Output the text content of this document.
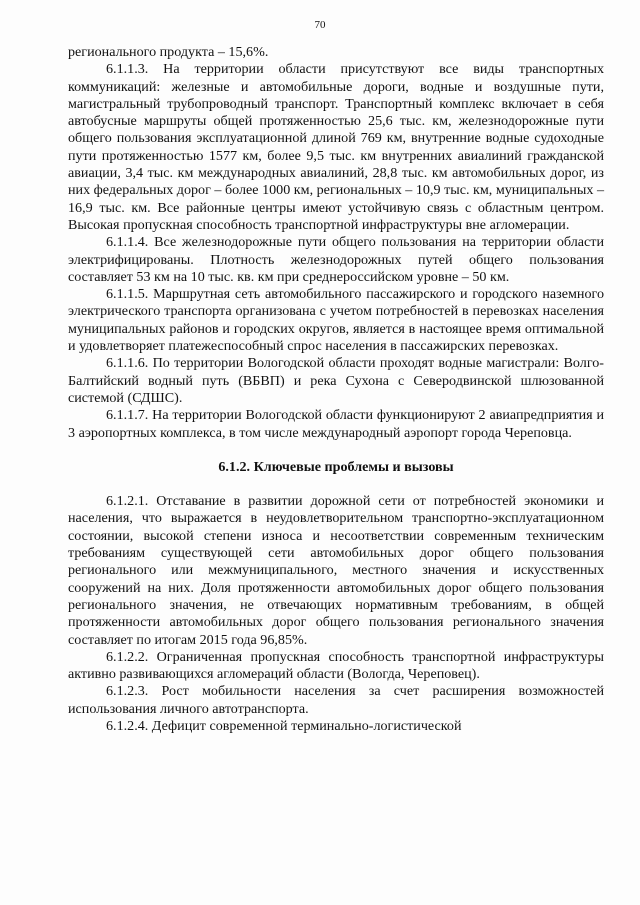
70

регионального продукта – 15,6%.

6.1.1.3. На территории области присутствуют все виды транспортных коммуникаций: железные и автомобильные дороги, водные и воздушные пути, магистральный трубопроводный транспорт. Транспортный комплекс включает в себя автобусные маршруты общей протяженностью 25,6 тыс. км, железнодорожные пути общего пользования эксплуатационной длиной 769 км, внутренние водные судоходные пути протяженностью 1577 км, более 9,5 тыс. км внутренних авиалиний гражданской авиации, 3,4 тыс. км международных авиалиний, 28,8 тыс. км автомобильных дорог, из них федеральных дорог – более 1000 км, региональных – 10,9 тыс. км, муниципальных – 16,9 тыс. км. Все районные центры имеют устойчивую связь с областным центром. Высокая пропускная способность транспортной инфраструктуры вне агломерации.

6.1.1.4. Все железнодорожные пути общего пользования на территории области электрифицированы. Плотность железнодорожных путей общего пользования составляет 53 км на 10 тыс. кв. км при среднероссийском уровне – 50 км.

6.1.1.5. Маршрутная сеть автомобильного пассажирского и городского наземного электрического транспорта организована с учетом потребностей в перевозках населения муниципальных районов и городских округов, является в настоящее время оптимальной и удовлетворяет платежеспособный спрос населения в пассажирских перевозках.

6.1.1.6. По территории Вологодской области проходят водные магистрали: Волго-Балтийский водный путь (ВБВП) и река Сухона с Северодвинской шлюзованной системой (СДШС).

6.1.1.7. На территории Вологодской области функционируют 2 авиапредприятия и 3 аэропортных комплекса, в том числе международный аэропорт города Череповца.

6.1.2. Ключевые проблемы и вызовы

6.1.2.1. Отставание в развитии дорожной сети от потребностей экономики и населения, что выражается в неудовлетворительном транспортно-эксплуатационном состоянии, высокой степени износа и несоответствии современным техническим требованиям существующей сети автомобильных дорог общего пользования регионального или межмуниципального, местного значения и искусственных сооружений на них. Доля протяженности автомобильных дорог общего пользования регионального значения, не отвечающих нормативным требованиям, в общей протяженности автомобильных дорог общего пользования регионального значения составляет по итогам 2015 года 96,85%.

6.1.2.2. Ограниченная пропускная способность транспортной инфраструктуры активно развивающихся агломераций области (Вологда, Череповец).

6.1.2.3. Рост мобильности населения за счет расширения возможностей использования личного автотранспорта.

6.1.2.4. Дефицит современной терминально-логистической
